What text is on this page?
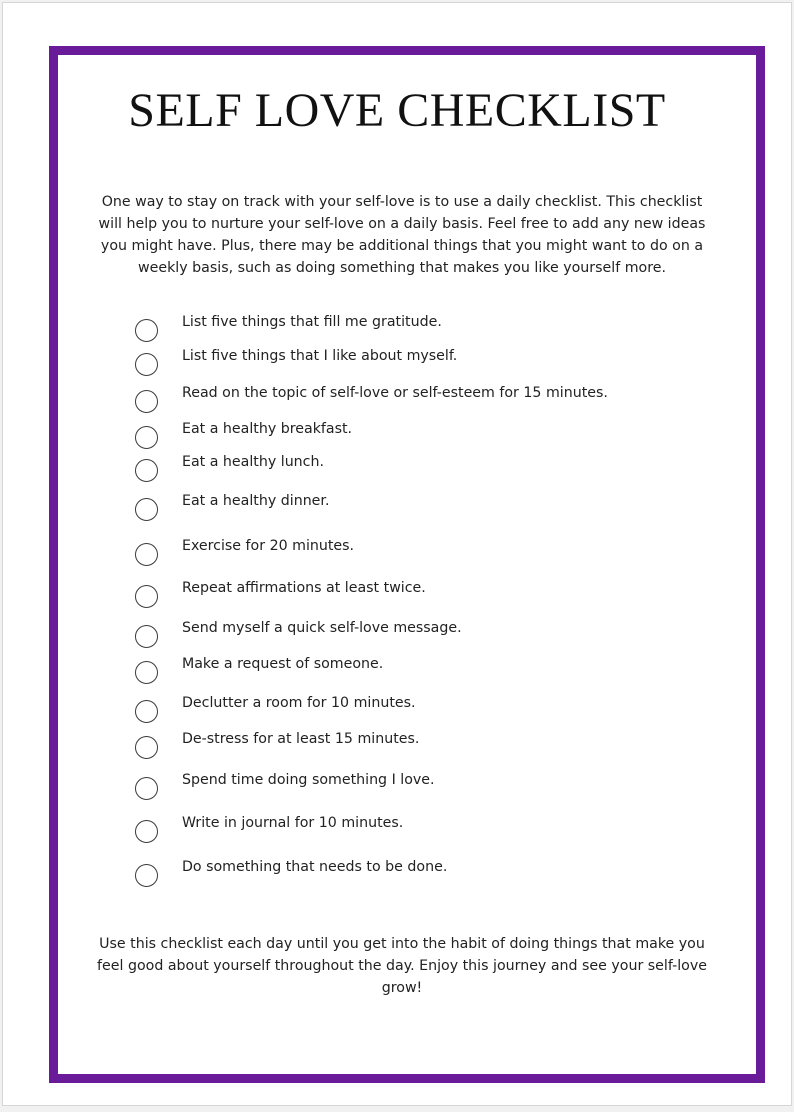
SELF LOVE CHECKLIST

One way to stay on track with your self-love is to use a daily checklist. This checklist will help you to nurture your self-love on a daily basis. Feel free to add any new ideas you might have. Plus, there may be additional things that you might want to do on a weekly basis, such as doing something that makes you like yourself more.

List five things that fill me gratitude.
List five things that I like about myself.
Read on the topic of self-love or self-esteem for 15 minutes.
Eat a healthy breakfast.
Eat a healthy lunch.
Eat a healthy dinner.
Exercise for 20 minutes.
Repeat affirmations at least twice.
Send myself a quick self-love message.
Make a request of someone.
Declutter a room for 10 minutes.
De-stress for at least 15 minutes.
Spend time doing something I love.
Write in journal for 10 minutes.
Do something that needs to be done.

Use this checklist each day until you get into the habit of doing things that make you feel good about yourself throughout the day. Enjoy this journey and see your self-love grow!
